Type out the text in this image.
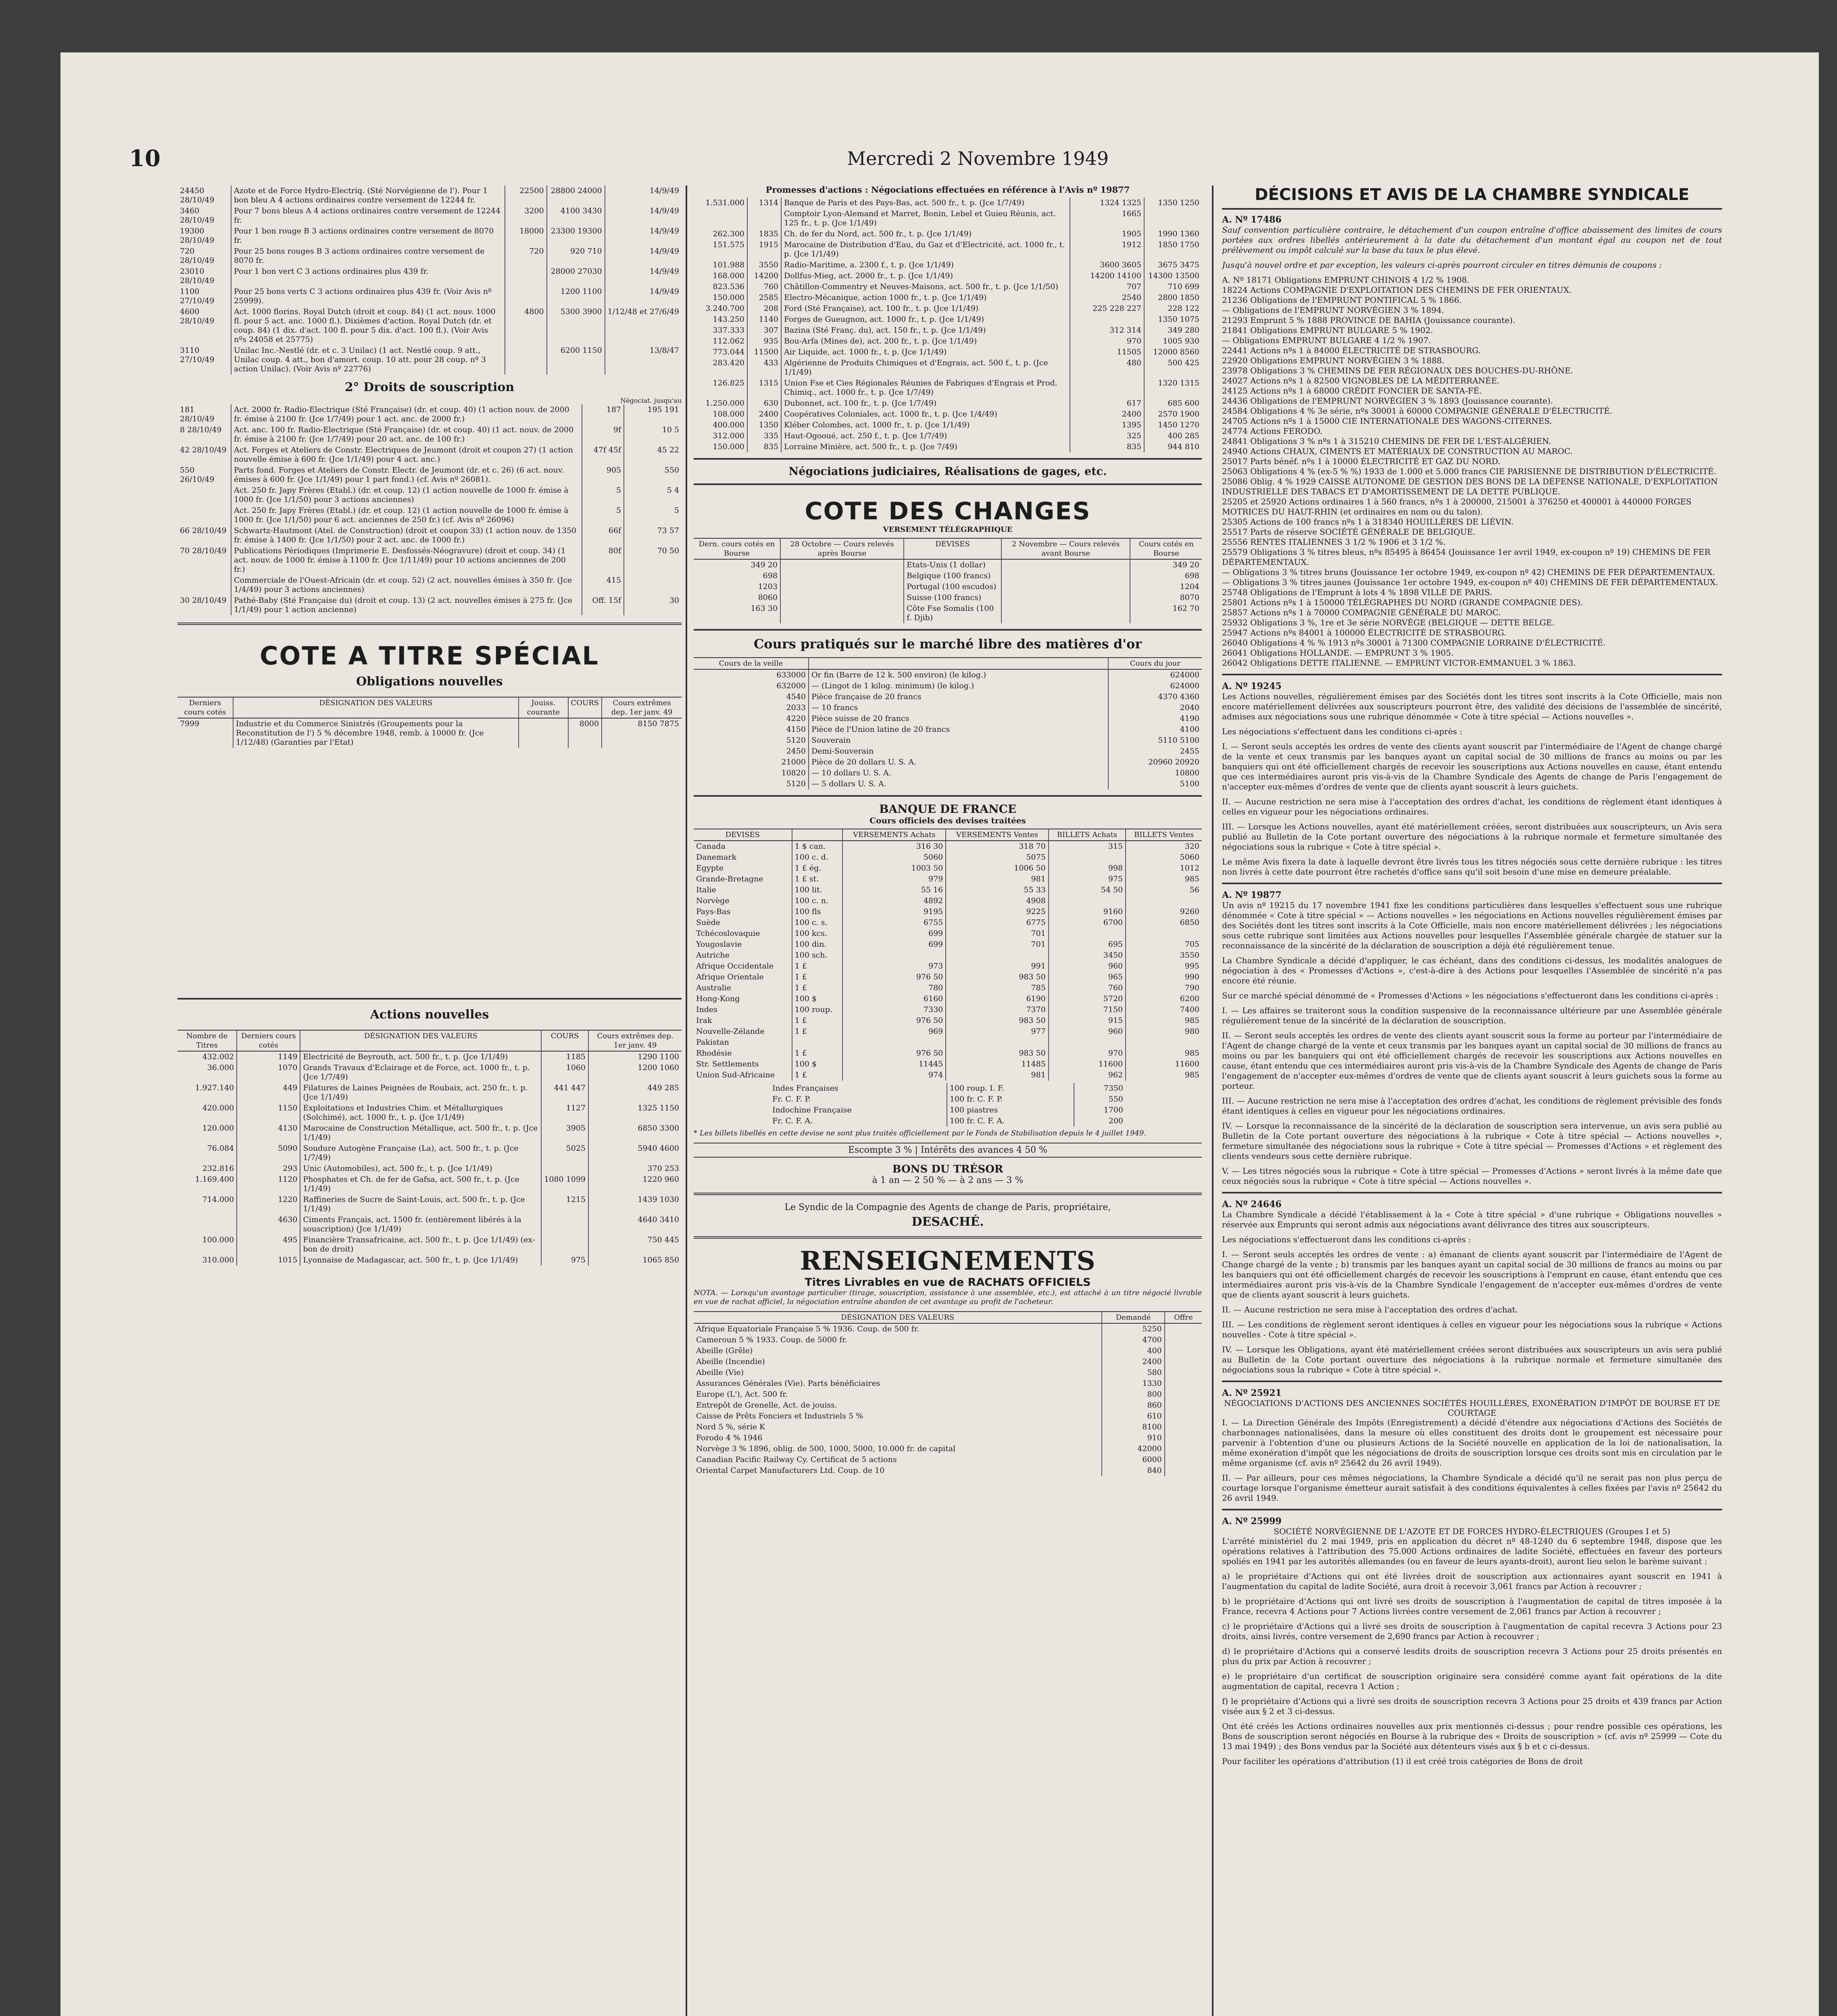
10	Mercredi 2 Novembre 1949
24450 28/10/49	Azote et de Force Hydro-Electriq. (Sté Norvégienne de l'). Pour 1 bon bleu A 4 actions ordinaires contre versement de 12244 fr.	22500	28800 24000	14/9/49
3460 28/10/49	Pour 7 bons bleus A 4 actions ordinaires contre versement de 12244 fr.	3200	4100 3430	14/9/49
19300 28/10/49	Pour 1 bon rouge B 3 actions ordinaires contre versement de 8070 fr.	18000	23300 19300	14/9/49
720 28/10/49	Pour 25 bons rouges B 3 actions ordinaires contre versement de 8070 fr.	720	920 710	14/9/49
23010 28/10/49	Pour 1 bon vert C 3 actions ordinaires plus 439 fr.		28000 27030	14/9/49
1100 27/10/49	Pour 25 bons verts C 3 actions ordinaires plus 439 fr. (Voir Avis nº 25999).		1200 1100	14/9/49
4600 28/10/49	Act. 1000 florins. Royal Dutch (droit et coup. 84) (1 act. nouv. 1000 fl. pour 5 act. anc. 1000 fl.). Dixièmes d'action. Royal Dutch (dr. et coup. 84) (1 dix. d'act. 100 fl. pour 5 dix. d'act. 100 fl.). (Voir Avis nºs 24058 et 25775)	4800	5300 3900	1/12/48 et 27/6/49
3110 27/10/49	Unilac Inc.-Nestlé (dr. et c. 3 Unilac) (1 act. Nestlé coup. 9 att., Unilac coup. 4 att., bon d'amort. coup. 10 att. pour 28 coup. nº 3 action Unilac). (Voir Avis nº 22776)		6200 1150	13/8/47
2° Droits de souscription
Négociat. jusqu'au
181 28/10/49	Act. 2000 fr. Radio-Electrique (Sté Française) (dr. et coup. 40) (1 action nouv. de 2000 fr. émise à 2100 fr. (Jce 1/7/49) pour 1 act. anc. de 2000 fr.)	187	195 191
8 28/10/49	Act. anc. 100 fr. Radio-Electrique (Sté Française) (dr. et coup. 40) (1 act. nouv. de 2000 fr. émise à 2100 fr. (Jce 1/7/49) pour 20 act. anc. de 100 fr.)	9f	10 5
42 28/10/49	Act. Forges et Ateliers de Constr. Electriques de Jeumont (droit et coupon 27) (1 action nouvelle émise à 600 fr. (Jce 1/1/49) pour 4 act. anc.)	47f 45f	45 22
550 26/10/49	Parts fond. Forges et Ateliers de Constr. Electr. de Jeumont (dr. et c. 26) (6 act. nouv. émises à 600 fr. (Jce 1/1/49) pour 1 part fond.) (cf. Avis nº 26081).	905	550
	Act. 250 fr. Japy Frères (Etabl.) (dr. et coup. 12) (1 action nouvelle de 1000 fr. émise à 1000 fr. (Jce 1/1/50) pour 3 actions anciennes)	5	5 4
	Act. 250 fr. Japy Frères (Etabl.) (dr. et coup. 12) (1 action nouvelle de 1000 fr. émise à 1000 fr. (Jce 1/1/50) pour 6 act. anciennes de 250 fr.) (cf. Avis nº 26096)	5	5
66 28/10/49	Schwartz-Hautmont (Atel. de Construction) (droit et coupon 33) (1 action nouv. de 1350 fr. émise à 1400 fr. (Jce 1/1/50) pour 2 act. anc. de 1000 fr.)	66f	73 57
70 28/10/49	Publications Périodiques (Imprimerie E. Desfossés-Néogravure) (droit et coup. 34) (1 act. nouv. de 1000 fr. émise à 1100 fr. (Jce 1/11/49) pour 10 actions anciennes de 200 fr.)	80f	70 50
	Commerciale de l'Ouest-Africain (dr. et coup. 52) (2 act. nouvelles émises à 350 fr. (Jce 1/4/49) pour 3 actions anciennes)	415	
30 28/10/49	Pathé-Baby (Sté Française du) (droit et coup. 13) (2 act. nouvelles émises à 275 fr. (Jce 1/1/49) pour 1 action ancienne)	Off. 15f	30
COTE A TITRE SPÉCIAL
Obligations nouvelles
Derniers cours cotés	DÉSIGNATION DES VALEURS	Jouiss. courante	COURS	Cours extrêmes dep. 1er janv. 49
7999	Industrie et du Commerce Sinistrés (Groupements pour la Reconstitution de l') 5 % décembre 1948, remb. à 10000 fr. (Jce 1/12/48) (Garanties par l'Etat)		8000	8150 7875
Actions nouvelles
Nombre de Titres	Derniers cours cotés	DÉSIGNATION DES VALEURS	COURS	Cours extrêmes dep. 1er janv. 49
432.002	1149	Electricité de Beyrouth, act. 500 fr., t. p. (Jce 1/1/49)	1185	1290 1100
36.000	1070	Grands Travaux d'Eclairage et de Force, act. 1000 fr., t. p. (Jce 1/7/49)	1060	1200 1060
1.927.140	449	Filatures de Laines Peignées de Roubaix, act. 250 fr., t. p. (Jce 1/1/49)	441 447	449 285
420.000	1150	Exploitations et Industries Chim. et Métallurgiques (Solchimé), act. 1000 fr., t. p. (Jce 1/1/49)	1127	1325 1150
120.000	4130	Marocaine de Construction Métallique, act. 500 fr., t. p. (Jce 1/1/49)	3905	6850 3300
76.084	5090	Soudure Autogène Française (La), act. 500 fr., t. p. (Jce 1/7/49)	5025	5940 4600
232.816	293	Unic (Automobiles), act. 500 fr., t. p. (Jce 1/1/49)		370 253
1.169.400	1120	Phosphates et Ch. de fer de Gafsa, act. 500 fr., t. p. (Jce 1/1/49)	1080 1099	1220 960
714.000	1220	Raffineries de Sucre de Saint-Louis, act. 500 fr., t. p. (Jce 1/1/49)	1215	1439 1030
	4630	Ciments Français, act. 1500 fr. (entièrement libérés à la souscription) (Jce 1/1/49)		4640 3410
100.000	495	Financière Transafricaine, act. 500 fr., t. p. (Jce 1/1/49) (ex-bon de droit)		750 445
310.000	1015	Lyonnaise de Madagascar, act. 500 fr., t. p. (Jce 1/1/49)	975	1065 850
Promesses d'actions : Négociations effectuées en référence à l'Avis nº 19877
1.531.000	1314	Banque de Paris et des Pays-Bas, act. 500 fr., t. p. (Jce 1/7/49)	1324 1325	1350 1250
		Comptoir Lyon-Alemand et Marret, Bonin, Lebel et Guieu Réunis, act. 125 fr., t. p. (Jce 1/1/49)	1665	
262.300	1835	Ch. de fer du Nord, act. 500 fr., t. p. (Jce 1/1/49)	1905	1990 1360
151.575	1915	Marocaine de Distribution d'Eau, du Gaz et d'Electricité, act. 1000 fr., t. p. (Jce 1/1/49)	1912	1850 1750
101.988	3550	Radio-Maritime, a. 2300 f., t. p. (Jce 1/1/49)	3600 3605	3675 3475
168.000	14200	Dollfus-Mieg, act. 2000 fr., t. p. (Jce 1/1/49)	14200 14100	14300 13500
823.536	760	Châtillon-Commentry et Neuves-Maisons, act. 500 fr., t. p. (Jce 1/1/50)	707	710 699
150.000	2585	Electro-Mécanique, action 1000 fr., t. p. (Jce 1/1/49)	2540	2800 1850
3.240.700	208	Ford (Sté Française), act. 100 fr., t. p. (Jce 1/1/49)	225 228 227	228 122
143.250	1140	Forges de Gueugnon, act. 1000 fr., t. p. (Jce 1/1/49)		1350 1075
337.333	307	Bazina (Sté Franç. du), act. 150 fr., t. p. (Jce 1/1/49)	312 314	349 280
112.062	935	Bou-Arfa (Mines de), act. 200 fr., t. p. (Jce 1/1/49)	970	1005 930
773.044	11500	Air Liquide, act. 1000 fr., t. p. (Jce 1/1/49)	11505	12000 8560
283.420	433	Algérienne de Produits Chimiques et d'Engrais, act. 500 f., t. p. (Jce 1/1/49)	480	500 425
126.825	1315	Union Fse et Cies Régionales Réunies de Fabriques d'Engrais et Prod. Chimiq., act. 1000 fr., t. p. (Jce 1/7/49)		1320 1315
1.250.000	630	Dubonnet, act. 100 fr., t. p. (Jce 1/7/49)	617	685 600
108.000	2400	Coopératives Coloniales, act. 1000 fr., t. p. (Jce 1/4/49)	2400	2570 1900
400.000	1350	Kléber Colombes, act. 1000 fr., t. p. (Jce 1/1/49)	1395	1450 1270
312.000	335	Haut-Ogooué, act. 250 f., t. p. (Jce 1/7/49)	325	400 285
150.000	835	Lorraine Minière, act. 500 fr., t. p. (Jce 7/49)	835	944 810
Négociations judiciaires, Réalisations de gages, etc.
COTE DES CHANGES
VERSEMENT TÉLÉGRAPHIQUE
Dern. cours cotés en Bourse	28 Octobre — Cours relevés après Bourse	DEVISES	2 Novembre — Cours relevés avant Bourse	Cours cotés en Bourse
349 20		Etats-Unis (1 dollar)		349 20
698		Belgique (100 francs)		698
1203		Portugal (100 escudos)		1204
8060		Suisse (100 francs)		8070
163 30		Côte Fse Somalis (100 f. Djib)		162 70
Cours pratiqués sur le marché libre des matières d'or
Cours de la veille		Cours du jour
633000	Or fin (Barre de 12 k. 500 environ) (le kilog.)	624000
632000	— (Lingot de 1 kilog. minimum) (le kilog.)	624000
4540	Pièce française de 20 francs	4370 4360
2033	— 10 francs	2040
4220	Pièce suisse de 20 francs	4190
4150	Pièce de l'Union latine de 20 francs	4100
5120	Souverain	5110 5100
2450	Demi-Souverain	2455
21000	Pièce de 20 dollars U. S. A.	20960 20920
10820	— 10 dollars U. S. A.	10800
5120	— 5 dollars U. S. A.	5100
BANQUE DE FRANCE
Cours officiels des devises traitées
DEVISES		VERSEMENTS Achats	VERSEMENTS Ventes	BILLETS Achats	BILLETS Ventes
Canada	1 $ can.	316 30	318 70	315	320
Danemark	100 c. d.	5060	5075		5060
Egypte	1 £ ég.	1003 50	1006 50	998	1012
Grande-Bretagne	1 £ st.	979	981	975	985
Italie	100 lit.	55 16	55 33	54 50	56
Norvège	100 c. n.	4892	4908		
Pays-Bas	100 fls	9195	9225	9160	9260
Suède	100 c. s.	6755	6775	6700	6850
Tchécoslovaquie	100 kcs.	699	701		
Yougoslavie	100 din.	699	701	695	705
Autriche	100 sch.			3450	3550
Afrique Occidentale	1 £	973	991	960	995
Afrique Orientale	1 £	976 50	983 50	965	990
Australie	1 £	780	785	760	790
Hong-Kong	100 $	6160	6190	5720	6200
Indes	100 roup.	7330	7370	7150	7400
Irak	1 £	976 50	983 50	915	985
Nouvelle-Zélande	1 £	969	977	960	980
Pakistan					
Rhodésie	1 £	976 50	983 50	970	985
Str. Settlements	100 $	11445	11485	11600	11600
Union Sud-Africaine	1 £	974	981	962	985
Indes Françaises	100 roup. I. F.	7350
Fr. C. F. P.	100 fr. C. F. P.	550
Indochine Française	100 piastres	1700
Fr. C. F. A.	100 fr. C. F. A.	200

* Les billets libellés en cette devise ne sont plus traités officiellement par le Fonds de Stabilisation depuis le 4 juillet 1949.

Escompte 3 % | Intérêts des avances 4 50 %
BONS DU TRÉSOR
à 1 an — 2 50 % — à 2 ans — 3 %
Le Syndic de la Compagnie des Agents de change de Paris, propriétaire,
DESACHÉ.
RENSEIGNEMENTS
Titres Livrables en vue de RACHATS OFFICIELS

NOTA. — Lorsqu'un avantage particulier (tirage, souscription, assistance à une assemblée, etc.), est attaché à un titre négocié livrable en vue de rachat officiel, la négociation entraîne abandon de cet avantage au profit de l'acheteur.

DÉSIGNATION DES VALEURS	Demandé	Offre
Afrique Equatoriale Française 5 % 1936. Coup. de 500 fr.	5250	
Cameroun 5 % 1933. Coup. de 5000 fr.	4700	
Abeille (Grêle)	400	
Abeille (Incendie)	2400	
Abeille (Vie)	580	
Assurances Générales (Vie). Parts bénéficiaires	1330	
Europe (L'), Act. 500 fr.	800	
Entrepôt de Grenelle, Act. de jouiss.	860	
Caisse de Prêts Fonciers et Industriels 5 %	610	
Nord 5 %, série K	8100	
Forodo 4 % 1946	910	
Norvège 3 % 1896, oblig. de 500, 1000, 5000, 10.000 fr. de capital	42000	
Canadian Pacific Railway Cy. Certificat de 5 actions	6000	
Oriental Carpet Manufacturers Ltd. Coup. de 10	840	
DÉCISIONS ET AVIS DE LA CHAMBRE SYNDICALE
A. Nº 17486

Sauf convention particulière contraire, le détachement d'un coupon entraîne d'office abaissement des limites de cours portées aux ordres libellés antérieurement à la date du détachement d'un montant égal au coupon net de tout prélèvement ou impôt calculé sur la base du taux le plus élevé.

Jusqu'à nouvel ordre et par exception, les valeurs ci-après pourront circuler en titres démunis de coupons :

A. Nº 18171 Obligations EMPRUNT CHINOIS 4 1/2 % 1908.
18224 Actions COMPAGNIE D'EXPLOITATION DES CHEMINS DE FER ORIENTAUX.
21236 Obligations de l'EMPRUNT PONTIFICAL 5 % 1866.
— Obligations de l'EMPRUNT NORVÉGIEN 3 % 1894.
21293 Emprunt 5 % 1888 PROVINCE DE BAHIA (Jouissance courante).
21841 Obligations EMPRUNT BULGARE 5 % 1902.
— Obligations EMPRUNT BULGARE 4 1/2 % 1907.
22441 Actions nºs 1 à 84000 ÉLECTRICITÉ DE STRASBOURG.
22920 Obligations EMPRUNT NORVÉGIEN 3 % 1888.
23978 Obligations 3 % CHEMINS DE FER RÉGIONAUX DES BOUCHES-DU-RHÔNE.
24027 Actions nºs 1 à 82500 VIGNOBLES DE LA MÉDITERRANÉE.
24125 Actions nºs 1 à 68000 CRÉDIT FONCIER DE SANTA-FÉ.
24436 Obligations de l'EMPRUNT NORVÉGIEN 3 % 1893 (Jouissance courante).
24584 Obligations 4 % 3e série, nºs 30001 à 60000 COMPAGNIE GÉNÉRALE D'ÉLECTRICITÉ.
24705 Actions nºs 1 à 15000 CIE INTERNATIONALE DES WAGONS-CITERNES.
24774 Actions FERODO.
24841 Obligations 3 % nºs 1 à 315210 CHEMINS DE FER DE L'EST-ALGÉRIEN.
24940 Actions CHAUX, CIMENTS ET MATÉRIAUX DE CONSTRUCTION AU MAROC.
25017 Parts bénéf. nºs 1 à 10000 ÉLECTRICITÉ ET GAZ DU NORD.
25063 Obligations 4 % (ex-5 % %) 1933 de 1.000 et 5.000 francs CIE PARISIENNE DE DISTRIBUTION D'ÉLECTRICITÉ.
25086 Oblig. 4 % 1929 CAISSE AUTONOME DE GESTION DES BONS DE LA DÉFENSE NATIONALE, D'EXPLOITATION INDUSTRIELLE DES TABACS ET D'AMORTISSEMENT DE LA DETTE PUBLIQUE.
25205 et 25920 Actions ordinaires 1 à 560 francs, nºs 1 à 200000, 215001 à 376250 et 400001 à 440000 FORGES MOTRICES DU HAUT-RHIN (et ordinaires en nom ou du talon).
25305 Actions de 100 francs nºs 1 à 318340 HOUILLÈRES DE LIÉVIN.
25517 Parts de réserve SOCIÉTÉ GÉNÉRALE DE BELGIQUE.
25556 RENTES ITALIENNES 3 1/2 % 1906 et 3 1/2 %.
25579 Obligations 3 % titres bleus, nºs 85495 à 86454 (Jouissance 1er avril 1949, ex-coupon nº 19) CHEMINS DE FER DÉPARTEMENTAUX.
— Obligations 3 % titres bruns (Jouissance 1er octobre 1949, ex-coupon nº 42) CHEMINS DE FER DÉPARTEMENTAUX.
— Obligations 3 % titres jaunes (Jouissance 1er octobre 1949, ex-coupon nº 40) CHEMINS DE FER DÉPARTEMENTAUX.
25748 Obligations de l'Emprunt à lots 4 % 1898 VILLE DE PARIS.
25801 Actions nºs 1 à 150000 TÉLÉGRAPHES DU NORD (GRANDE COMPAGNIE DES).
25857 Actions nºs 1 à 70000 COMPAGNIE GÉNÉRALE DU MAROC.
25932 Obligations 3 %, 1re et 3e série NORVÈGE (BELGIQUE — DETTE BELGE.
25947 Actions nºs 84001 à 100000 ÉLECTRICITÉ DE STRASBOURG.
26040 Obligations 4 % % 1913 nºs 30001 à 71300 COMPAGNIE LORRAINE D'ÉLECTRICITÉ.
26041 Obligations HOLLANDE. — EMPRUNT 3 % 1905.
26042 Obligations DETTE ITALIENNE. — EMPRUNT VICTOR-EMMANUEL 3 % 1863.
A. Nº 19245

Les Actions nouvelles, régulièrement émises par des Sociétés dont les titres sont inscrits à la Cote Officielle, mais non encore matériellement délivrées aux souscripteurs pourront être, des validité des décisions de l'assemblée de sincérité, admises aux négociations sous une rubrique dénommée « Cote à titre spécial — Actions nouvelles ».

Les négociations s'effectuent dans les conditions ci-après :

I. — Seront seuls acceptés les ordres de vente des clients ayant souscrit par l'intermédiaire de l'Agent de change chargé de la vente et ceux transmis par les banques ayant un capital social de 30 millions de francs au moins ou par les banquiers qui ont été officiellement chargés de recevoir les souscriptions aux Actions nouvelles en cause, étant entendu que ces intermédiaires auront pris vis-à-vis de la Chambre Syndicale des Agents de change de Paris l'engagement de n'accepter eux-mêmes d'ordres de vente que de clients ayant souscrit à leurs guichets.

II. — Aucune restriction ne sera mise à l'acceptation des ordres d'achat, les conditions de règlement étant identiques à celles en vigueur pour les négociations ordinaires.

III. — Lorsque les Actions nouvelles, ayant été matériellement créées, seront distribuées aux souscripteurs, un Avis sera publié au Bulletin de la Cote portant ouverture des négociations à la rubrique normale et fermeture simultanée des négociations sous la rubrique « Cote à titre spécial ».

Le même Avis fixera la date à laquelle devront être livrés tous les titres négociés sous cette dernière rubrique : les titres non livrés à cette date pourront être rachetés d'office sans qu'il soit besoin d'une mise en demeure préalable.

A. Nº 19877

Un avis nº 19215 du 17 novembre 1941 fixe les conditions particulières dans lesquelles s'effectuent sous une rubrique dénommée « Cote à titre spécial » — Actions nouvelles » les négociations en Actions nouvelles régulièrement émises par des Sociétés dont les titres sont inscrits à la Cote Officielle, mais non encore matériellement délivrées ; les négociations sous cette rubrique sont limitées aux Actions nouvelles pour lesquelles l'Assemblée générale chargée de statuer sur la reconnaissance de la sincérité de la déclaration de souscription a déjà été régulièrement tenue.

La Chambre Syndicale a décidé d'appliquer, le cas échéant, dans des conditions ci-dessus, les modalités analogues de négociation à des « Promesses d'Actions », c'est-à-dire à des Actions pour lesquelles l'Assemblée de sincérité n'a pas encore été réunie.

Sur ce marché spécial dénommé de « Promesses d'Actions » les négociations s'effectueront dans les conditions ci-après :

I. — Les affaires se traiteront sous la condition suspensive de la reconnaissance ultérieure par une Assemblée générale régulièrement tenue de la sincérité de la déclaration de souscription.

II. — Seront seuls acceptés les ordres de vente des clients ayant souscrit sous la forme au porteur par l'intermédiaire de l'Agent de change chargé de la vente et ceux transmis par les banques ayant un capital social de 30 millions de francs au moins ou par les banquiers qui ont été officiellement chargés de recevoir les souscriptions aux Actions nouvelles en cause, étant entendu que ces intermédiaires auront pris vis-à-vis de la Chambre Syndicale des Agents de change de Paris l'engagement de n'accepter eux-mêmes d'ordres de vente que de clients ayant souscrit à leurs guichets sous la forme au porteur.

III. — Aucune restriction ne sera mise à l'acceptation des ordres d'achat, les conditions de règlement prévisible des fonds étant identiques à celles en vigueur pour les négociations ordinaires.

IV. — Lorsque la reconnaissance de la sincérité de la déclaration de souscription sera intervenue, un avis sera publié au Bulletin de la Cote portant ouverture des négociations à la rubrique « Cote à titre spécial — Actions nouvelles », fermeture simultanée des négociations sous la rubrique « Cote à titre spécial — Promesses d'Actions » et règlement des clients vendeurs sous cette dernière rubrique.

V. — Les titres négociés sous la rubrique « Cote à titre spécial — Promesses d'Actions » seront livrés à la même date que ceux négociés sous la rubrique « Cote à titre spécial — Actions nouvelles ».

A. Nº 24646

La Chambre Syndicale a décidé l'établissement à la « Cote à titre spécial » d'une rubrique « Obligations nouvelles » réservée aux Emprunts qui seront admis aux négociations avant délivrance des titres aux souscripteurs.

Les négociations s'effectueront dans les conditions ci-après :

I. — Seront seuls acceptés les ordres de vente : a) émanant de clients ayant souscrit par l'intermédiaire de l'Agent de Change chargé de la vente ; b) transmis par les banques ayant un capital social de 30 millions de francs au moins ou par les banquiers qui ont été officiellement chargés de recevoir les souscriptions à l'emprunt en cause, étant entendu que ces intermédiaires auront pris vis-à-vis de la Chambre Syndicale l'engagement de n'accepter eux-mêmes d'ordres de vente que de clients ayant souscrit à leurs guichets.

II. — Aucune restriction ne sera mise à l'acceptation des ordres d'achat.

III. — Les conditions de règlement seront identiques à celles en vigueur pour les négociations sous la rubrique « Actions nouvelles - Cote à titre spécial ».

IV. — Lorsque les Obligations, ayant été matériellement créées seront distribuées aux souscripteurs un avis sera publié au Bulletin de la Cote portant ouverture des négociations à la rubrique normale et fermeture simultanée des négociations sous la rubrique « Cote à titre spécial ».

A. Nº 25921
NÉGOCIATIONS D'ACTIONS DES ANCIENNES SOCIÉTÉS HOUILLÈRES, EXONÉRATION D'IMPÔT DE BOURSE ET DE COURTAGE

I. — La Direction Générale des Impôts (Enregistrement) a décidé d'étendre aux négociations d'Actions des Sociétés de charbonnages nationalisées, dans la mesure où elles constituent des droits dont le groupement est nécessaire pour parvenir à l'obtention d'une ou plusieurs Actions de la Société nouvelle en application de la loi de nationalisation, la même exonération d'impôt que les négociations de droits de souscription lorsque ces droits sont mis en circulation par le même organisme (cf. avis nº 25642 du 26 avril 1949).

II. — Par ailleurs, pour ces mêmes négociations, la Chambre Syndicale a décidé qu'il ne serait pas non plus perçu de courtage lorsque l'organisme émetteur aurait satisfait à des conditions équivalentes à celles fixées par l'avis nº 25642 du 26 avril 1949.

A. Nº 25999
SOCIÉTÉ NORVÉGIENNE DE L'AZOTE ET DE FORCES HYDRO-ÉLECTRIQUES (Groupes I et 5)

L'arrêté ministériel du 2 mai 1949, pris en application du décret nº 48-1240 du 6 septembre 1948, dispose que les opérations relatives à l'attribution des 75.000 Actions ordinaires de ladite Société, effectuées en faveur des porteurs spoliés en 1941 par les autorités allemandes (ou en faveur de leurs ayants-droit), auront lieu selon le barème suivant :

a) le propriétaire d'Actions qui ont été livrées droit de souscription aux actionnaires ayant souscrit en 1941 à l'augmentation du capital de ladite Société, aura droit à recevoir 3,061 francs par Action à recouvrer ;

b) le propriétaire d'Actions qui ont livré ses droits de souscription à l'augmentation de capital de titres imposée à la France, recevra 4 Actions pour 7 Actions livrées contre versement de 2,061 francs par Action à recouvrer ;

c) le propriétaire d'Actions qui a livré ses droits de souscription à l'augmentation de capital recevra 3 Actions pour 23 droits, ainsi livrés, contre versement de 2,690 francs par Action à recouvrer ;

d) le propriétaire d'Actions qui a conservé lesdits droits de souscription recevra 3 Actions pour 25 droits présentés en plus du prix par Action à recouvrer ;

e) le propriétaire d'un certificat de souscription originaire sera considéré comme ayant fait opérations de la dite augmentation de capital, recevra 1 Action ;

f) le propriétaire d'Actions qui a livré ses droits de souscription recevra 3 Actions pour 25 droits et 439 francs par Action visée aux § 2 et 3 ci-dessus.

Ont été créés les Actions ordinaires nouvelles aux prix mentionnés ci-dessus ; pour rendre possible ces opérations, les Bons de souscription seront négociés en Bourse à la rubrique des « Droits de souscription » (cf. avis nº 25999 — Cote du 13 mai 1949) ; des Bons vendus par la Société aux détenteurs visés aux § b et c ci-dessus.

Pour faciliter les opérations d'attribution (1) il est créé trois catégories de Bons de droit
